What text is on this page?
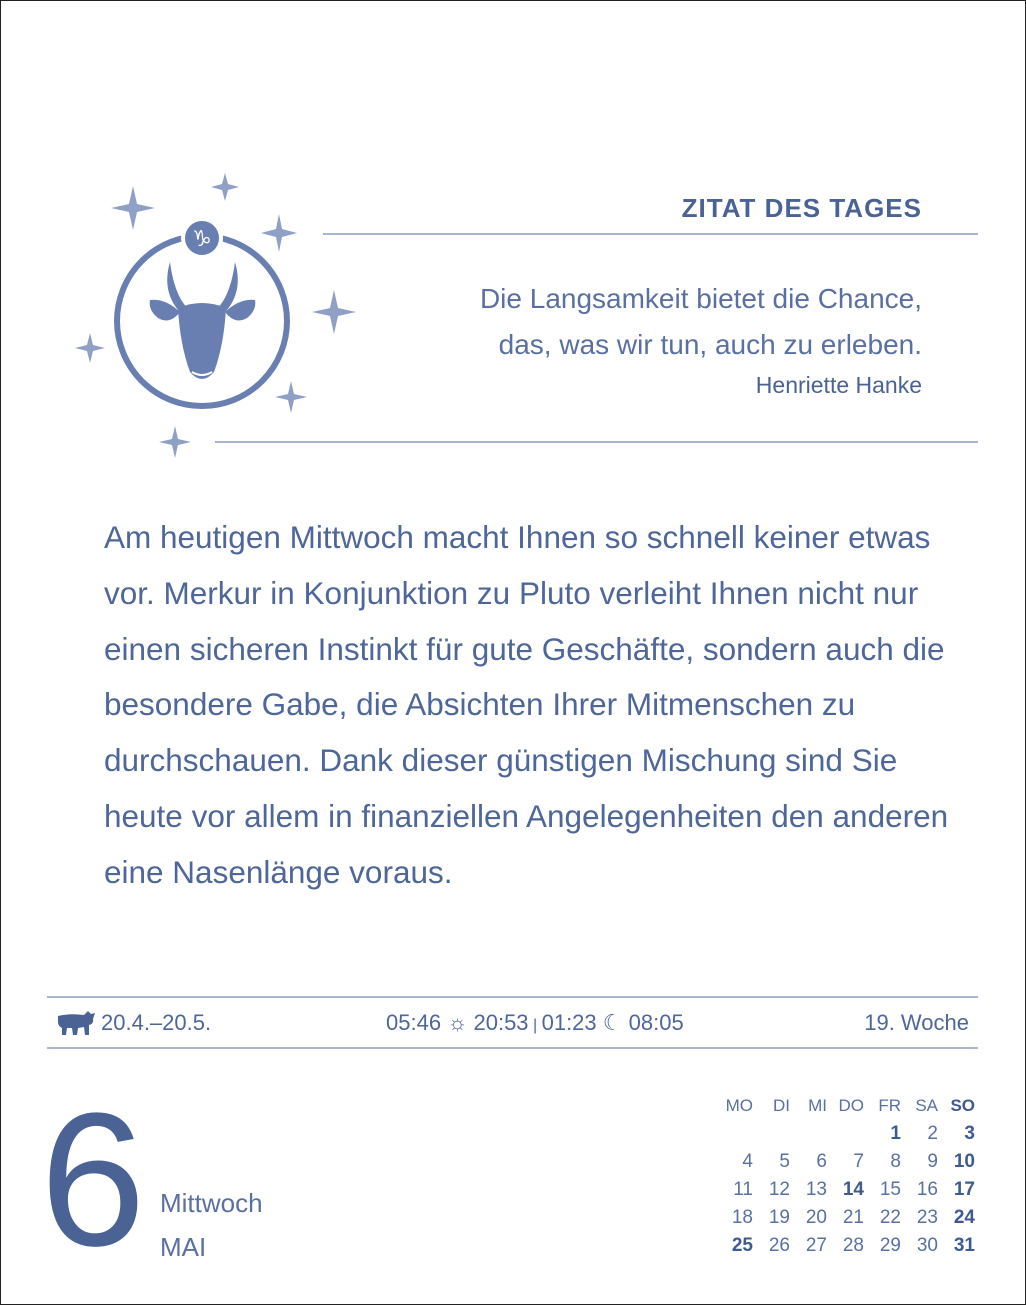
♑
ZITAT DES TAGES
Die Langsamkeit bietet die Chance,
das, was wir tun, auch zu erleben.
Henriette Hanke
Am heutigen Mittwoch macht Ihnen so schnell keiner etwas vor. Merkur in Konjunktion zu Pluto verleiht Ihnen nicht nur einen sicheren Instinkt für gute Geschäfte, sondern auch die besondere Gabe, die Absichten Ihrer Mitmenschen zu durchschauen. Dank dieser günstigen Mischung sind Sie heute vor allem in finanziellen Angelegenheiten den anderen eine Nasenlänge voraus.
20.4.–20.5.	05:46 ☼ 20:53 | 01:23 ☾ 08:05	19. Woche
6 Mittwoch
MAI
MO	DI	MI	DO	FR	SA	SO
				1	2	3
4	5	6	7	8	9	10
11	12	13	14	15	16	17
18	19	20	21	22	23	24
25	26	27	28	29	30	31
